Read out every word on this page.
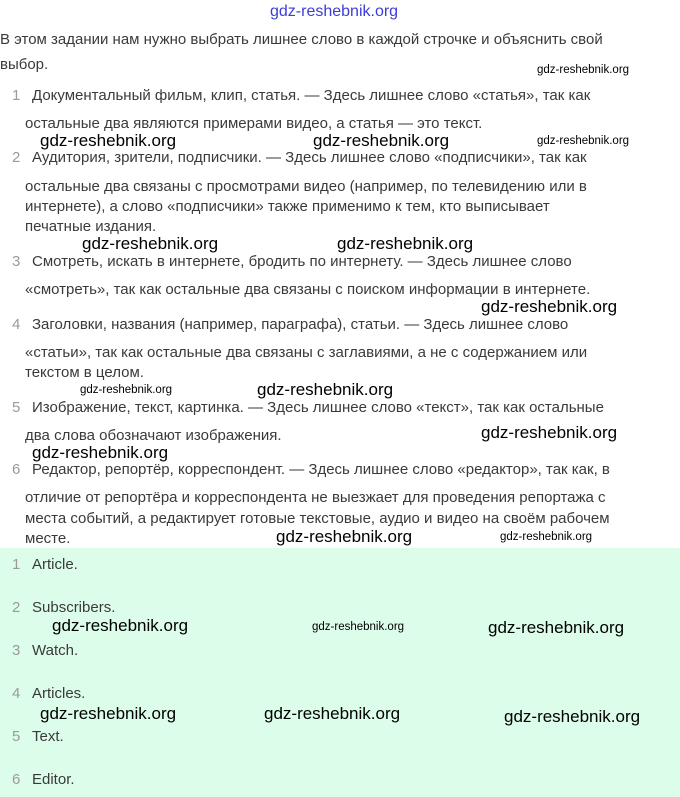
gdz-reshebnik.org
В этом задании нам нужно выбрать лишнее слово в каждой строчке и объяснить свой
выбор.
1 Документальный фильм, клип, статья. — Здесь лишнее слово «статья», так как
остальные два являются примерами видео, а статья — это текст.
2 Аудитория, зрители, подписчики. — Здесь лишнее слово «подписчики», так как
остальные два связаны с просмотрами видео (например, по телевидению или в
интернете), а слово «подписчики» также применимо к тем, кто выписывает
печатные издания.
3 Смотреть, искать в интернете, бродить по интернету. — Здесь лишнее слово
«смотреть», так как остальные два связаны с поиском информации в интернете.
4 Заголовки, названия (например, параграфа), статьи. — Здесь лишнее слово
«статьи», так как остальные два связаны с заглавиями, а не с содержанием или
текстом в целом.
5 Изображение, текст, картинка. — Здесь лишнее слово «текст», так как остальные
два слова обозначают изображения.
6 Редактор, репортёр, корреспондент. — Здесь лишнее слово «редактор», так как, в
отличие от репортёра и корреспондента не выезжает для проведения репортажа с
места событий, а редактирует готовые текстовые, аудио и видео на своём рабочем
месте.
1 Article.
2 Subscribers.
3 Watch.
4 Articles.
5 Text.
6 Editor.
gdz-reshebnik.org
gdz-reshebnik.org	gdz-reshebnik.org	gdz-reshebnik.org
gdz-reshebnik.org	gdz-reshebnik.org
gdz-reshebnik.org
gdz-reshebnik.org	gdz-reshebnik.org
gdz-reshebnik.org
gdz-reshebnik.org
gdz-reshebnik.org	gdz-reshebnik.org
gdz-reshebnik.org	gdz-reshebnik.org	gdz-reshebnik.org
gdz-reshebnik.org	gdz-reshebnik.org	gdz-reshebnik.org
